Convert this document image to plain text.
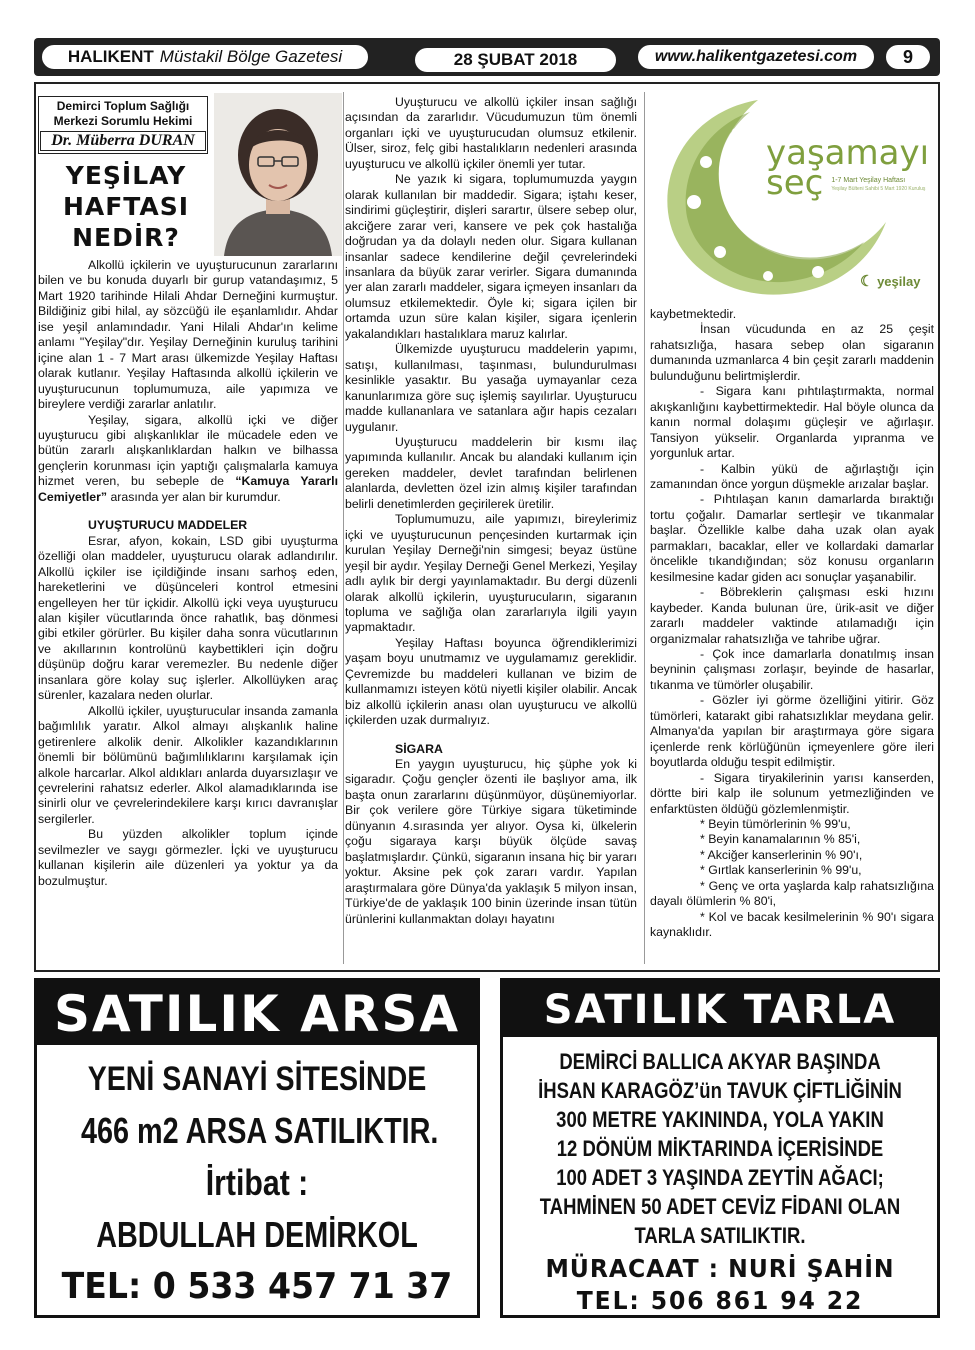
HALIKENT Müstakil Bölge Gazetesi	28 ŞUBAT 2018	www.halikentgazetesi.com	9
Demirci Toplum Sağlığı
Merkezi Sorumlu Hekimi
Dr. Müberra DURAN
YEŞİLAY
HAFTASI
NEDİR?

Alkollü içkilerin ve uyuşturucunun zararlarını bilen ve bu konuda duyarlı bir gurup vatandaşımız, 5 Mart 1920 tarihinde Hilali Ahdar Derneğini kurmuştur. Bildiğiniz gibi hilal, ay sözcüğü ile eşanlamlıdır. Ahdar ise yeşil anlamındadır. Yani Hilali Ahdar'ın kelime anlamı "Yeşilay"dır. Yeşilay Derneğinin kuruluş tarihini içine alan 1 - 7 Mart arası ülkemizde Yeşilay Haftası olarak kutlanır. Yeşilay Haftasında alkollü içkilerin ve uyuşturucunun toplumumuza, aile yapımıza ve bireylere verdiği zararlar anlatılır.

Yeşilay, sigara, alkollü içki ve diğer uyuşturucu gibi alışkanlıklar ile mücadele eden ve bütün zararlı alışkanlıklardan halkın ve bilhassa gençlerin korunması için yaptığı çalışmalarla kamuya hizmet veren, bu sebeple de “Kamuya Yararlı Cemiyetler” arasında yer alan bir kurumdur.

UYUŞTURUCU MADDELER

Esrar, afyon, kokain, LSD gibi uyuşturma özelliği olan maddeler, uyuşturucu olarak adlandırılır. Alkollü içkiler ise içildiğinde insanı sarhoş eden, hareketlerini ve düşünceleri kontrol etmesini engelleyen her tür içkidir. Alkollü içki veya uyuşturucu alan kişiler vücutlarında önce rahatlık, baş dönmesi gibi etkiler görürler. Bu kişiler daha sonra vücutlarının ve akıllarının kontrolünü kaybettikleri için doğru düşünüp doğru karar veremezler. Bu nedenle diğer insanlara göre kolay suç işlerler. Alkollüyken araç sürenler, kazalara neden olurlar.

Alkollü içkiler, uyuşturucular insanda zamanla bağımlılık yaratır. Alkol almayı alışkanlık haline getirenlere alkolik denir. Alkolikler kazandıklarının önemli bir bölümünü bağımlılıklarını karşılamak için alkole harcarlar. Alkol aldıkları anlarda duyarsızlaşır ve çevrelerini rahatsız ederler. Alkol alamadıklarında ise sinirli olur ve çevrelerindekilere karşı kırıcı davranışlar sergilerler.

Bu yüzden alkolikler toplum içinde sevilmezler ve saygı görmezler. İçki ve uyuşturucu kullanan kişilerin aile düzenleri ya yoktur ya da bozulmuştur.

Uyuşturucu ve alkollü içkiler insan sağlığı açısından da zararlıdır. Vücudumuzun tüm önemli organları içki ve uyuşturucudan olumsuz etkilenir. Ülser, siroz, felç gibi hastalıkların nedenleri arasında uyuşturucu ve alkollü içkiler önemli yer tutar.

Ne yazık ki sigara, toplumumuzda yaygın olarak kullanılan bir maddedir. Sigara; iştahı keser, sindirimi güçleştirir, dişleri sarartır, ülsere sebep olur, akciğere zarar veri, kansere ve pek çok hastalığa doğrudan ya da dolaylı neden olur. Sigara kullanan insanlar sadece kendilerine değil çevrelerindeki insanlara da büyük zarar verirler. Sigara dumanında yer alan zararlı maddeler, sigara içmeyen insanları da olumsuz etkilemektedir. Öyle ki; sigara içilen bir ortamda uzun süre kalan kişiler, sigara içenlerin yakalandıkları hastalıklara maruz kalırlar.

Ülkemizde uyuşturucu maddelerin yapımı, satışı, kullanılması, taşınması, bulundurulması kesinlikle yasaktır. Bu yasağa uymayanlar ceza kanunlarımıza göre suç işlemiş sayılırlar. Uyuşturucu madde kullananlara ve satanlara ağır hapis cezaları uygulanır.

Uyuşturucu maddelerin bir kısmı ilaç yapımında kullanılır. Ancak bu alandaki kullanım için gereken maddeler, devlet tarafından belirlenen alanlarda, devletten özel izin almış kişiler tarafından belirli denetimlerden geçirilerek üretilir.

Toplumumuzu, aile yapımızı, bireylerimiz içki ve uyuşturucunun pençesinden kurtarmak için kurulan Yeşilay Derneği'nin simgesi; beyaz üstüne yeşil bir aydır. Yeşilay Derneği Genel Merkezi, Yeşilay adlı aylık bir dergi yayınlamaktadır. Bu dergi düzenli olarak alkollü içkilerin, uyuşturucuların, sigaranın topluma ve sağlığa olan zararlarıyla ilgili yayın yapmaktadır.

Yeşilay Haftası boyunca öğrendiklerimizi yaşam boyu unutmamız ve uygulamamız gereklidir. Çevremizde bu maddeleri kullanan ve bizim de kullanmamızı isteyen kötü niyetli kişiler olabilir. Ancak biz alkollü içkilerin anası olan uyuşturucu ve alkollü içkilerden uzak durmalıyız.

SİGARA

En yaygın uyuşturucu, hiç şüphe yok ki sigaradır. Çoğu gençler özenti ile başlıyor ama, ilk başta onun zararlarını düşünmüyor, düşünemiyorlar. Bir çok verilere göre Türkiye sigara tüketiminde dünyanın 4.sırasında yer alıyor. Oysa ki, ülkelerin çoğu sigaraya karşı büyük ölçüde savaş başlatmışlardır. Çünkü, sigaranın insana hiç bir yararı yoktur. Aksine pek çok zararı vardır. Yapılan araştırmalara göre Dünya'da yaklaşık 5 milyon insan, Türkiye'de de yaklaşık 100 binin üzerinde insan tütün ürünlerini kullanmaktan dolayı hayatını

yaşamayı
seç 1-7 Mart Yeşilay Haftası
Yeşilay Bülteni Sahibi 5 Mart 1920 Kuruluş
☾ yeşilay

kaybetmektedir.

İnsan vücudunda en az 25 çeşit rahatsızlığa, hasara sebep olan sigaranın dumanında uzmanlarca 4 bin çeşit zararlı maddenin bulunduğunu belirtmişlerdir.

- Sigara kanı pıhtılaştırmakta, normal akışkanlığını kaybettirmektedir. Hal böyle olunca da kanın normal dolaşımı güçleşir ve ağırlaşır. Tansiyon yükselir. Organlarda yıpranma ve yorgunluk artar.

- Kalbin yükü de ağırlaştığı için zamanından önce yorgun düşmekle arızalar başlar.

- Pıhtılaşan kanın damarlarda bıraktığı tortu çoğalır. Damarlar sertleşir ve tıkanmalar başlar. Özellikle kalbe daha uzak olan ayak parmakları, bacaklar, eller ve kollardaki damarlar öncelikle tıkandığından; söz konusu organların kesilmesine kadar giden acı sonuçlar yaşanabilir.

- Böbreklerin çalışması eski hızını kaybeder. Kanda bulunan üre, ürik-asit ve diğer zararlı maddeler vaktinde atılamadığı için organizmalar rahatsızlığa ve tahribe uğrar.

- Çok ince damarlarla donatılmış insan beyninin çalışması zorlaşır, beyinde de hasarlar, tıkanma ve tümörler oluşabilir.

- Gözler iyi görme özelliğini yitirir. Göz tümörleri, katarakt gibi rahatsızlıklar meydana gelir. Almanya'da yapılan bir araştırmaya göre sigara içenlerde renk körlüğünün içmeyenlere göre ileri boyutlarda olduğu tespit edilmiştir.

- Sigara tiryakilerinin yarısı kanserden, dörtte biri kalp ile solunum yetmezliğinden ve enfarktüsten öldüğü gözlemlenmiştir.

* Beyin tümörlerinin % 99'u,

* Beyin kanamalarının % 85'i,

* Akciğer kanserlerinin % 90'ı,

* Gırtlak kanserlerinin % 99'u,

* Genç ve orta yaşlarda kalp rahatsızlığına dayalı ölümlerin % 80'i,

* Kol ve bacak kesilmelerinin % 90'ı sigara kaynaklıdır.

SATILIK ARSA
YENİ SANAYİ SİTESİNDE
466 m2 ARSA SATILIKTIR.
İrtibat :
ABDULLAH DEMİRKOL
TEL: 0 533 457 71 37
SATILIK TARLA
DEMİRCİ BALLICA AKYAR BAŞINDA
İHSAN KARAGÖZ’ün TAVUK ÇİFTLİĞİNİN
300 METRE YAKININDA, YOLA YAKIN
12 DÖNÜM MİKTARINDA İÇERİSİNDE
100 ADET 3 YAŞINDA ZEYTİN AĞACI;
TAHMİNEN 50 ADET CEVİZ FİDANI OLAN
TARLA SATILIKTIR.
MÜRACAAT : NURİ ŞAHİN
TEL: 506 861 94 22
